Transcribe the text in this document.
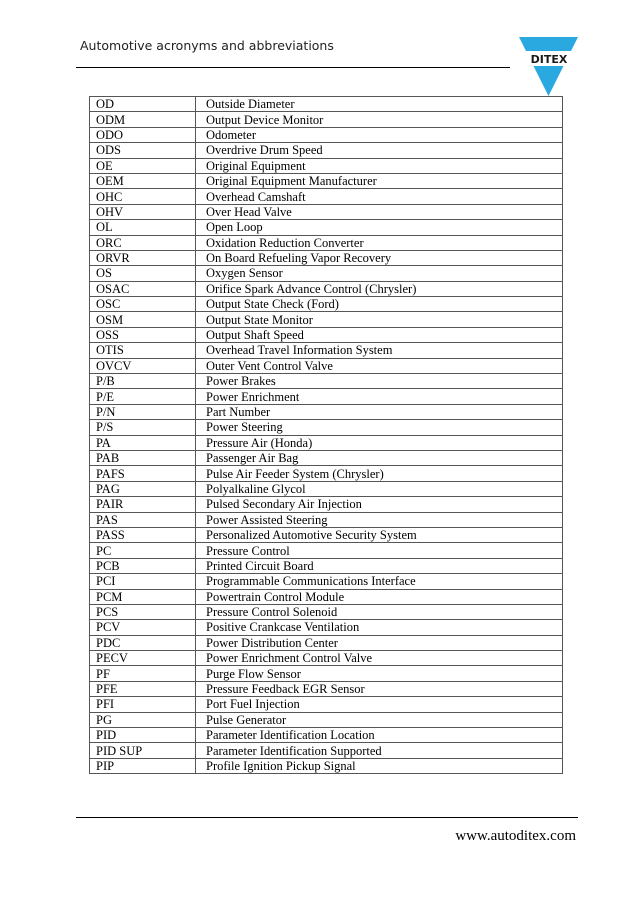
Automotive acronyms and abbreviations
DITEX
OD	Outside Diameter
ODM	Output Device Monitor
ODO	Odometer
ODS	Overdrive Drum Speed
OE	Original Equipment
OEM	Original Equipment Manufacturer
OHC	Overhead Camshaft
OHV	Over Head Valve
OL	Open Loop
ORC	Oxidation Reduction Converter
ORVR	On Board Refueling Vapor Recovery
OS	Oxygen Sensor
OSAC	Orifice Spark Advance Control (Chrysler)
OSC	Output State Check (Ford)
OSM	Output State Monitor
OSS	Output Shaft Speed
OTIS	Overhead Travel Information System
OVCV	Outer Vent Control Valve
P/B	Power Brakes
P/E	Power Enrichment
P/N	Part Number
P/S	Power Steering
PA	Pressure Air (Honda)
PAB	Passenger Air Bag
PAFS	Pulse Air Feeder System (Chrysler)
PAG	Polyalkaline Glycol
PAIR	Pulsed Secondary Air Injection
PAS	Power Assisted Steering
PASS	Personalized Automotive Security System
PC	Pressure Control
PCB	Printed Circuit Board
PCI	Programmable Communications Interface
PCM	Powertrain Control Module
PCS	Pressure Control Solenoid
PCV	Positive Crankcase Ventilation
PDC	Power Distribution Center
PECV	Power Enrichment Control Valve
PF	Purge Flow Sensor
PFE	Pressure Feedback EGR Sensor
PFI	Port Fuel Injection
PG	Pulse Generator
PID	Parameter Identification Location
PID SUP	Parameter Identification Supported
PIP	Profile Ignition Pickup Signal
www.autoditex.com
